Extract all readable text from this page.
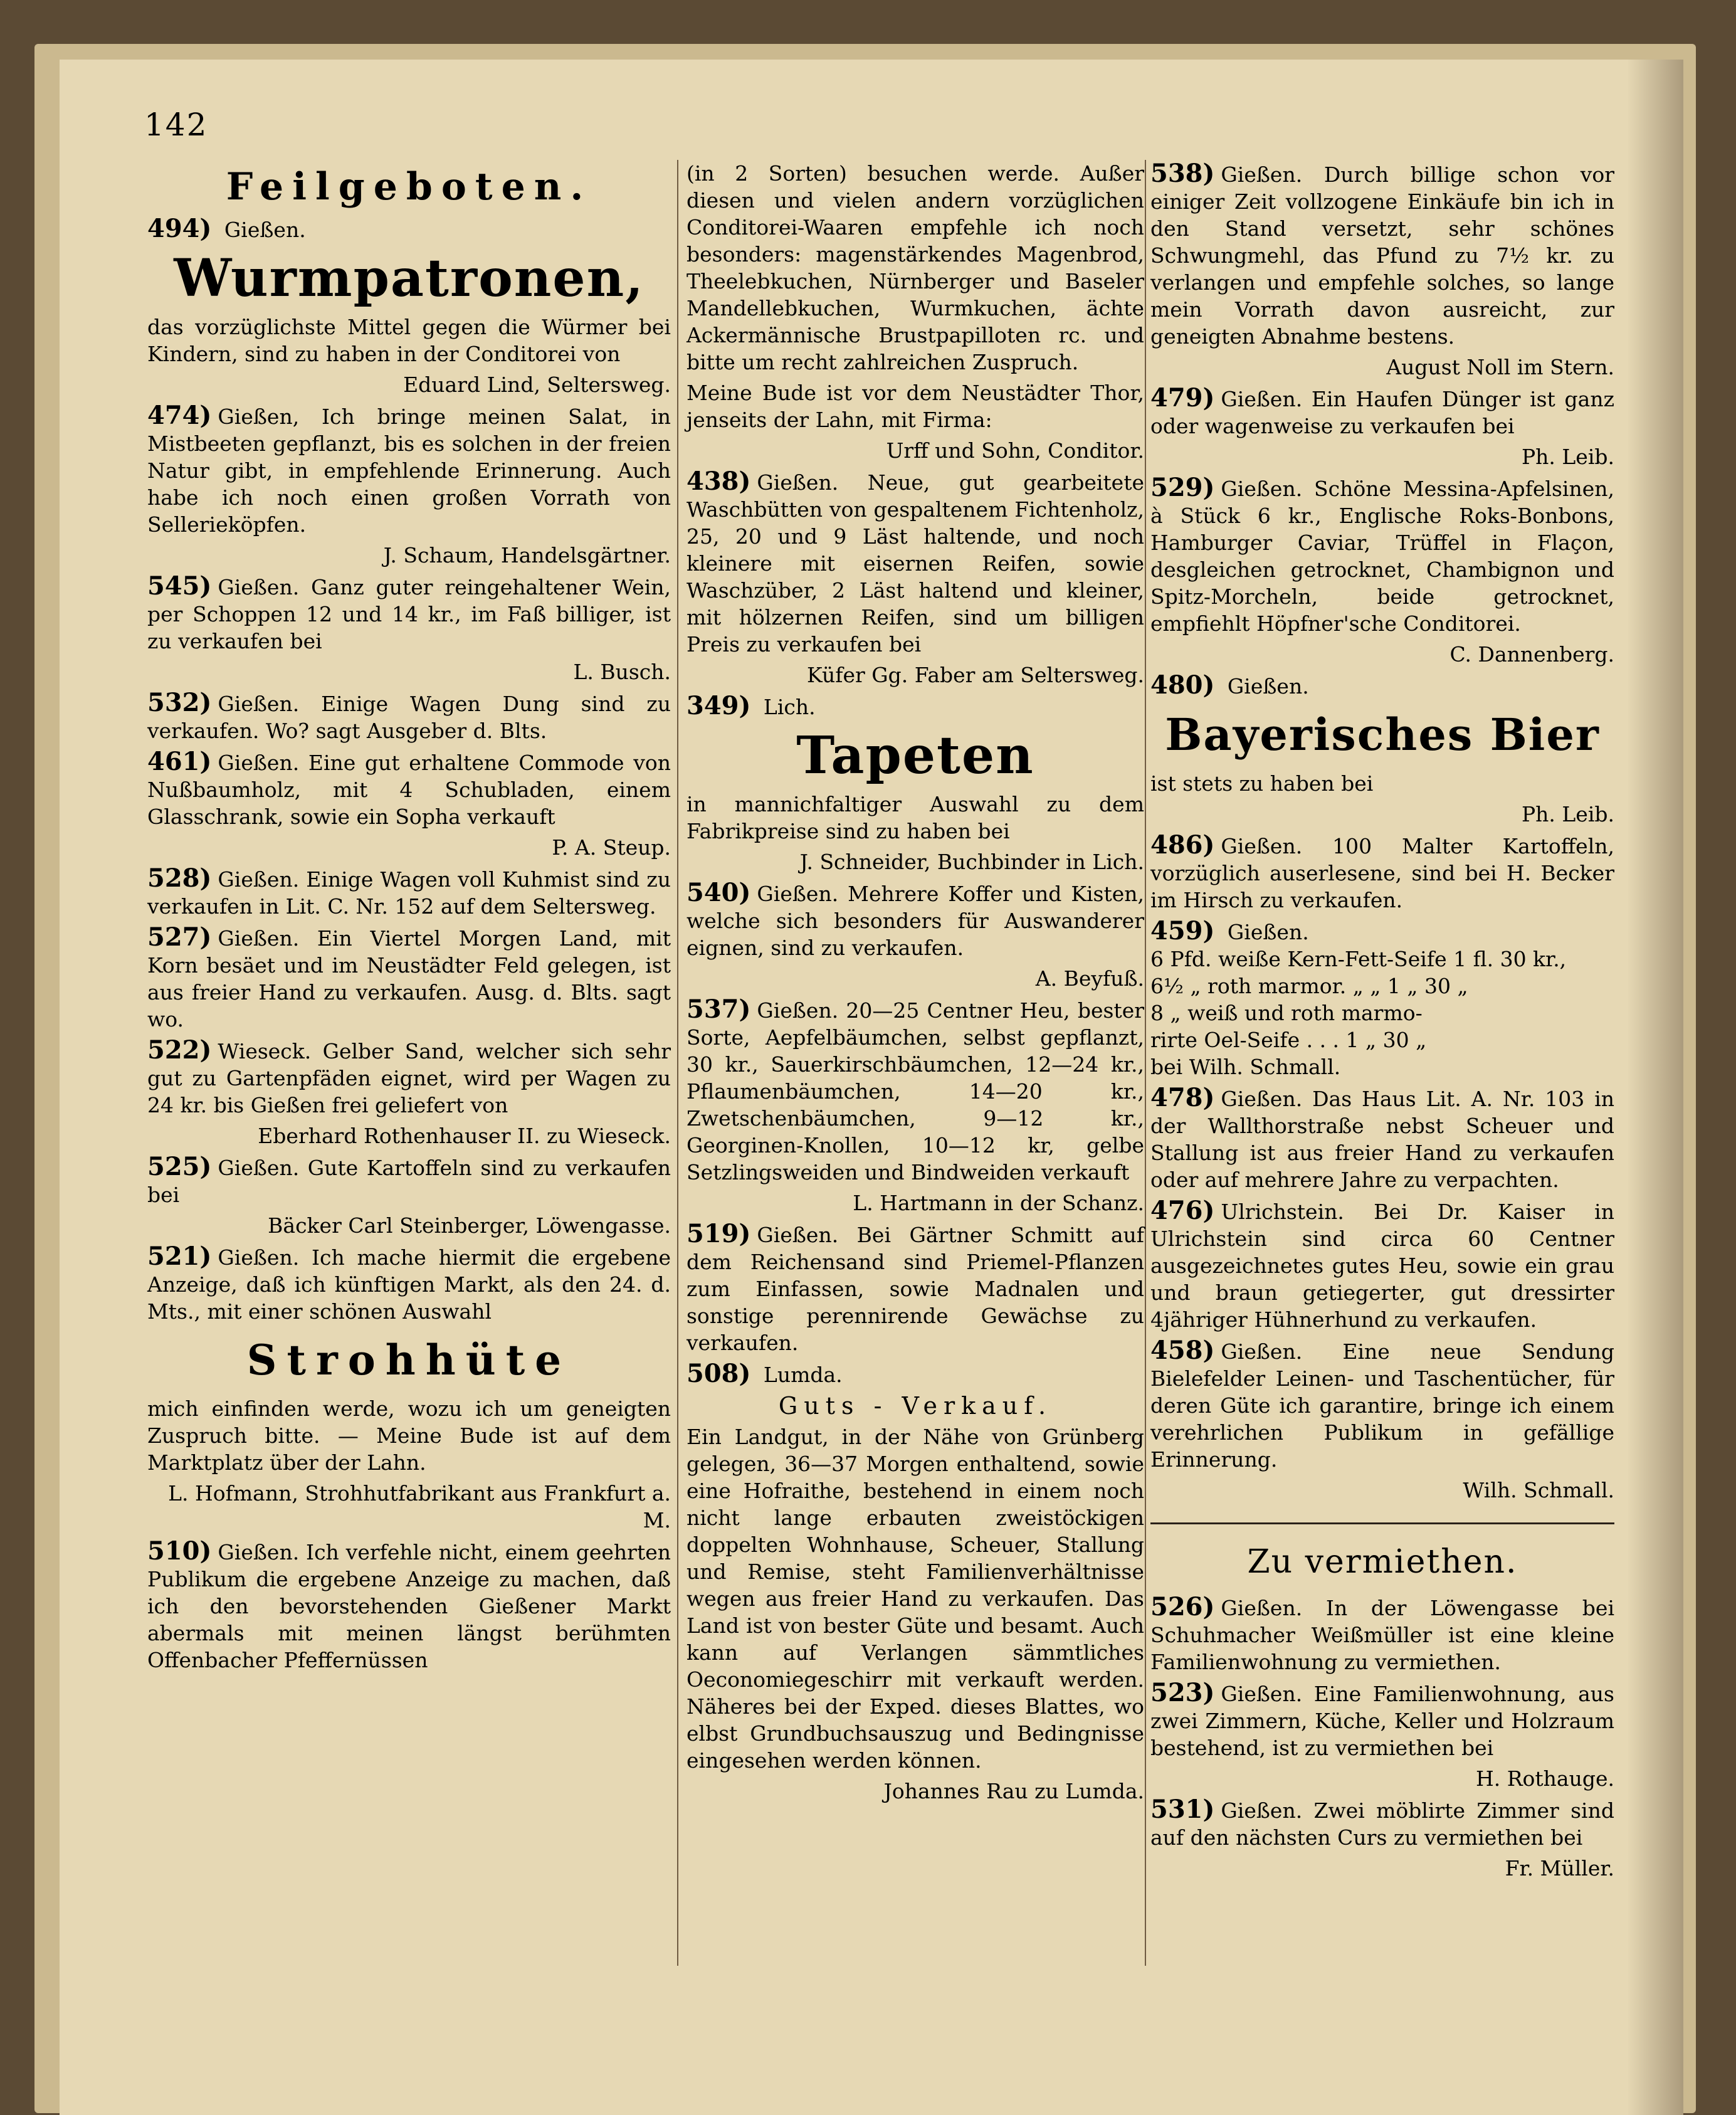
142
Feilgeboten.
494) Gießen.
Wurmpatronen,

das vorzüglichste Mittel gegen die Würmer bei Kindern, sind zu haben in der Conditorei von

Eduard Lind, Seltersweg.

474) Gießen, Ich bringe meinen Salat, in Mistbeeten gepflanzt, bis es solchen in der freien Natur gibt, in empfehlende Erinnerung. Auch habe ich noch einen großen Vorrath von Sellerieköpfen.

J. Schaum, Handelsgärtner.

545) Gießen. Ganz guter reingehaltener Wein, per Schoppen 12 und 14 kr., im Faß billiger, ist zu verkaufen bei

L. Busch.

532) Gießen. Einige Wagen Dung sind zu verkaufen. Wo? sagt Ausgeber d. Blts.

461) Gießen. Eine gut erhaltene Commode von Nußbaumholz, mit 4 Schubladen, einem Glasschrank, sowie ein Sopha verkauft

P. A. Steup.

528) Gießen. Einige Wagen voll Kuhmist sind zu verkaufen in Lit. C. Nr. 152 auf dem Seltersweg.

527) Gießen. Ein Viertel Morgen Land, mit Korn besäet und im Neustädter Feld gelegen, ist aus freier Hand zu verkaufen. Ausg. d. Blts. sagt wo.

522) Wieseck. Gelber Sand, welcher sich sehr gut zu Gartenpfäden eignet, wird per Wagen zu 24 kr. bis Gießen frei geliefert von

Eberhard Rothenhauser II. zu Wieseck.

525) Gießen. Gute Kartoffeln sind zu verkaufen bei

Bäcker Carl Steinberger, Löwengasse.

521) Gießen. Ich mache hiermit die ergebene Anzeige, daß ich künftigen Markt, als den 24. d. Mts., mit einer schönen Auswahl

Strohhüte

mich einfinden werde, wozu ich um geneigten Zuspruch bitte. — Meine Bude ist auf dem Marktplatz über der Lahn.

L. Hofmann, Strohhutfabrikant aus Frankfurt a. M.

510) Gießen. Ich verfehle nicht, einem geehrten Publikum die ergebene Anzeige zu machen, daß ich den bevorstehenden Gießener Markt abermals mit meinen längst berühmten Offenbacher Pfeffernüssen

(in 2 Sorten) besuchen werde. Außer diesen und vielen andern vorzüglichen Conditorei-Waaren empfehle ich noch besonders: magenstärkendes Magenbrod, Theelebkuchen, Nürnberger und Baseler Mandellebkuchen, Wurmkuchen, ächte Ackermännische Brustpapilloten rc. und bitte um recht zahlreichen Zuspruch.

Meine Bude ist vor dem Neustädter Thor, jenseits der Lahn, mit Firma:

Urff und Sohn, Conditor.

438) Gießen. Neue, gut gearbeitete Waschbütten von gespaltenem Fichtenholz, 25, 20 und 9 Läst haltende, und noch kleinere mit eisernen Reifen, sowie Waschzüber, 2 Läst haltend und kleiner, mit hölzernen Reifen, sind um billigen Preis zu verkaufen bei

Küfer Gg. Faber am Seltersweg.

349) Lich.
Tapeten

in mannichfaltiger Auswahl zu dem Fabrikpreise sind zu haben bei

J. Schneider, Buchbinder in Lich.

540) Gießen. Mehrere Koffer und Kisten, welche sich besonders für Auswanderer eignen, sind zu verkaufen.

A. Beyfuß.

537) Gießen. 20—25 Centner Heu, bester Sorte, Aepfelbäumchen, selbst gepflanzt, 30 kr., Sauerkirschbäumchen, 12—24 kr., Pflaumenbäumchen, 14—20 kr., Zwetschenbäumchen, 9—12 kr., Georginen-Knollen, 10—12 kr, gelbe Setzlingsweiden und Bindweiden verkauft

L. Hartmann in der Schanz.

519) Gießen. Bei Gärtner Schmitt auf dem Reichensand sind Priemel-Pflanzen zum Einfassen, sowie Madnalen und sonstige perennirende Gewächse zu verkaufen.

508) Lumda.
Guts - Verkauf.

Ein Landgut, in der Nähe von Grünberg gelegen, 36—37 Morgen enthaltend, sowie eine Hofraithe, bestehend in einem noch nicht lange erbauten zweistöckigen doppelten Wohnhause, Scheuer, Stallung und Remise, steht Familienverhältnisse wegen aus freier Hand zu verkaufen. Das Land ist von bester Güte und besamt. Auch kann auf Verlangen sämmtliches Oeconomiegeschirr mit verkauft werden. Näheres bei der Exped. dieses Blattes, wo elbst Grundbuchsauszug und Bedingnisse eingesehen werden können.

Johannes Rau zu Lumda.

538) Gießen. Durch billige schon vor einiger Zeit vollzogene Einkäufe bin ich in den Stand versetzt, sehr schönes Schwungmehl, das Pfund zu 7½ kr. zu verlangen und empfehle solches, so lange mein Vorrath davon ausreicht, zur geneigten Abnahme bestens.

August Noll im Stern.

479) Gießen. Ein Haufen Dünger ist ganz oder wagenweise zu verkaufen bei

Ph. Leib.

529) Gießen. Schöne Messina-Apfelsinen, à Stück 6 kr., Englische Roks-Bonbons, Hamburger Caviar, Trüffel in Flaçon, desgleichen getrocknet, Chambignon und Spitz-Morcheln, beide getrocknet, empfiehlt Höpfner'sche Conditorei.

C. Dannenberg.

480) Gießen.
Bayerisches Bier

ist stets zu haben bei

Ph. Leib.

486) Gießen. 100 Malter Kartoffeln, vorzüglich auserlesene, sind bei H. Becker im Hirsch zu verkaufen.

459) Gießen.
6 Pfd. weiße Kern-Fett-Seife 1 fl. 30 kr.,
6½ „ roth marmor. „ „ 1 „ 30 „
8 „ weiß und roth marmo-
rirte Oel-Seife . . . 1 „ 30 „
bei Wilh. Schmall.

478) Gießen. Das Haus Lit. A. Nr. 103 in der Wallthorstraße nebst Scheuer und Stallung ist aus freier Hand zu verkaufen oder auf mehrere Jahre zu verpachten.

476) Ulrichstein. Bei Dr. Kaiser in Ulrichstein sind circa 60 Centner ausgezeichnetes gutes Heu, sowie ein grau und braun getiegerter, gut dressirter 4jähriger Hühnerhund zu verkaufen.

458) Gießen. Eine neue Sendung Bielefelder Leinen- und Taschentücher, für deren Güte ich garantire, bringe ich einem verehrlichen Publikum in gefällige Erinnerung.

Wilh. Schmall.

Zu vermiethen.

526) Gießen. In der Löwengasse bei Schuhmacher Weißmüller ist eine kleine Familienwohnung zu vermiethen.

523) Gießen. Eine Familienwohnung, aus zwei Zimmern, Küche, Keller und Holzraum bestehend, ist zu vermiethen bei

H. Rothauge.

531) Gießen. Zwei möblirte Zimmer sind auf den nächsten Curs zu vermiethen bei

Fr. Müller.
